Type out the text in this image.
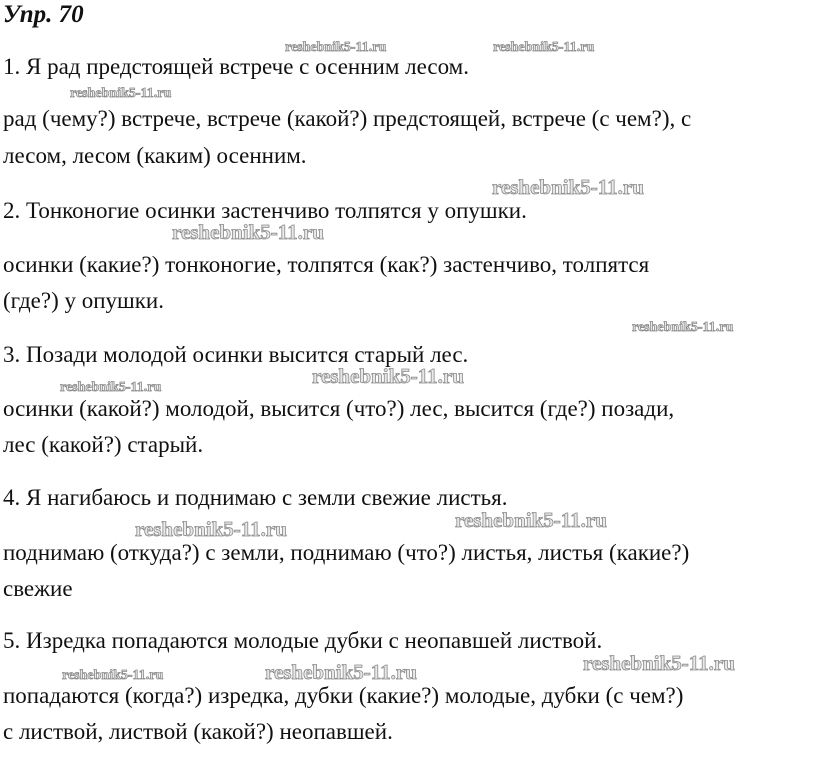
Упр. 70
1. Я рад предстоящей встрече с осенним лесом.
рад (чему?) встрече, встрече (какой?) предстоящей, встрече (с чем?), с
лесом, лесом (каким) осенним.
2. Тонконогие осинки застенчиво толпятся у опушки.
осинки (какие?) тонконогие, толпятся (как?) застенчиво, толпятся
(где?) у опушки.
3. Позади молодой осинки высится старый лес.
осинки (какой?) молодой, высится (что?) лес, высится (где?) позади,
лес (какой?) старый.
4. Я нагибаюсь и поднимаю с земли свежие листья.
поднимаю (откуда?) с земли, поднимаю (что?) листья, листья (какие?)
свежие
5. Изредка попадаются молодые дубки с неопавшей листвой.
попадаются (когда?) изредка, дубки (какие?) молодые, дубки (с чем?)
с листвой, листвой (какой?) неопавшей.
reshebnik5-11.ru	reshebnik5-11.ru
reshebnik5-11.ru
reshebnik5-11.ru
reshebnik5-11.ru
reshebnik5-11.ru
reshebnik5-11.ru
reshebnik5-11.ru
reshebnik5-11.ru
reshebnik5-11.ru
reshebnik5-11.ru
reshebnik5-11.ru
reshebnik5-11.ru
